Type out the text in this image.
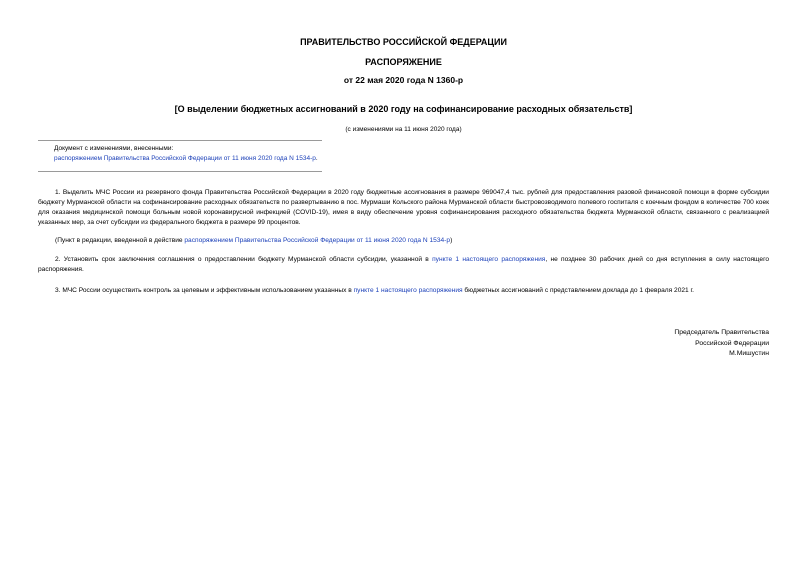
ПРАВИТЕЛЬСТВО РОССИЙСКОЙ ФЕДЕРАЦИИ
РАСПОРЯЖЕНИЕ
от 22 мая 2020 года N 1360-р
[О выделении бюджетных ассигнований в 2020 году на софинансирование расходных обязательств]
(с изменениями на 11 июня 2020 года)
Документ с изменениями, внесенными:
распоряжением Правительства Российской Федерации от 11 июня 2020 года N 1534-р.

1. Выделить МЧС России из резервного фонда Правительства Российской Федерации в 2020 году бюджетные ассигнования в размере 969047,4 тыс. рублей для предоставления разовой финансовой помощи в форме субсидии бюджету Мурманской области на софинансирование расходных обязательств по развертыванию в пос. Мурмаши Кольского района Мурманской области быстровозводимого полевого госпиталя с коечным фондом в количестве 700 коек для оказания медицинской помощи больным новой коронавирусной инфекцией (COVID-19), имея в виду обеспечение уровня софинансирования расходного обязательства бюджета Мурманской области, связанного с реализацией указанных мер, за счет субсидии из федерального бюджета в размере 99 процентов.

(Пункт в редакции, введенной в действие распоряжением Правительства Российской Федерации от 11 июня 2020 года N 1534-р)

2. Установить срок заключения соглашения о предоставлении бюджету Мурманской области субсидии, указанной в пункте 1 настоящего распоряжения, не позднее 30 рабочих дней со дня вступления в силу настоящего распоряжения.

3. МЧС России осуществить контроль за целевым и эффективным использованием указанных в пункте 1 настоящего распоряжения бюджетных ассигнований с представлением доклада до 1 февраля 2021 г.

Председатель Правительства
Российской Федерации
М.Мишустин
